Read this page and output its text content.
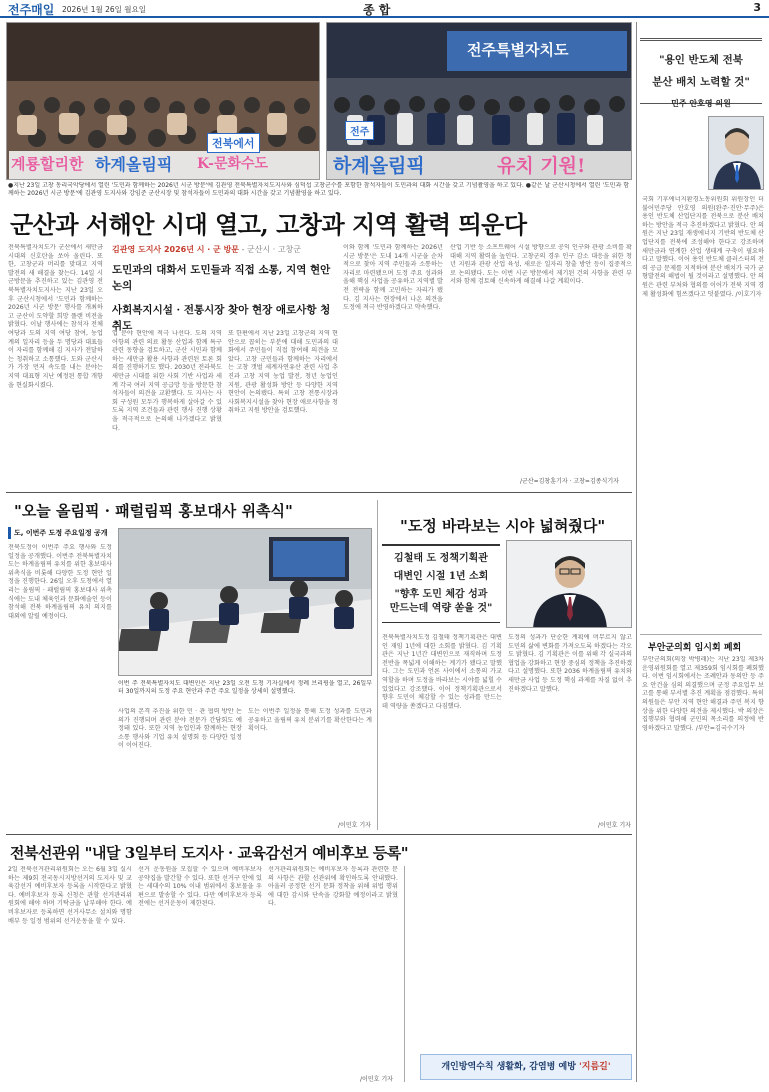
전주매일 2026년 1월 26일 월요일	종 합	3
계룡할리한 하계올림픽 K-문화수도
전북에서
전주특별자치도
전주
하계올림픽	유치 기원!
●지난 23일 고창 동리국악당에서 열린 '도민과 함께하는 2026년 시군 방문'에 김관영 전북특별자치도지사와 심덕섭 고창군수를 포함한 참석자들이 도민과의 대화 시간을 갖고 기념촬영을 하고 있다. ●같은 날 군산시청에서 열린 '도민과 함께하는 2026년 시군 방문'에 김관영 도지사와 강임준 군산시장 및 참석자들이 도민과의 대화 시간을 갖고 기념촬영을 하고 있다.
군산과 서해안 시대 열고, 고창과 지역 활력 띄운다
전북특별자치도가 군산에서 새만금 시대의 신호탄을 쏘아 올린다. 또한, 고창군과 머리를 맞대고 지역 발전의 새 해결을 찾는다. 14일 시군방문을 추진하고 있는 김관영 전북특별자치도지사는 지난 23일 오후 군산시청에서 '도민과 함께하는 2026년 시군 방문' 행사를 개최하고 군산이 도약할 희망 플랜 비전을 밝혔다. 이날 행사에는 참석자 전체 여당과 도의 지역 여당 참여, 농업계의 일자리 등을 두 명당과 대표들이 자리를 함께해 김 지사가 전달하는 청취하고 소통했다. 도와 군산시가 가장 먼저 속도를 내는 분야는 지역 대표형 지난 예정된 통합 개항을 현실화시켰다.
김관영 도지사 2026년 시 · 군 방문 - 군산시 · 고창군
도민과의 대화서 도민들과 직접 소통, 지역 현안 논의
사회복지시설 · 전통시장 찾아 현장 애로사항 청취도
업 분야 현안에 적극 나선다. 도의 지역 어항의 관련 의료 활동 산업과 함께 특구 관련 동향을 검토하고, 군산 시민과 함께하는 새만금 활용 사항과 관련된 토론 회의를 진행하기도 했다. 2030년 전라북도 새만금 시대를 위한 사회 기반 사업과 세계 각국 여러 지역 공급망 등을 방문한 참석자들이 의견을 교환했다. 도 지사는 사회 구성원 모두가 행복하게 살아갈 수 있도록 지역 조건들과 관련 행사 진행 상황을 적극적으로 논의해 나가겠다고 밝혔다.
또 한편에서 지난 23일 고창군의 지역 현안으로 꼽히는 부분에 대해 도민과의 대화에서 주민들이 직접 참여해 의견을 모았다. 고창 군민들과 함께하는 자리에서는 고창 갯벌 세계자연유산 관련 사업 추진과 고창 지역 농업 발전, 청년 농업인 지원, 관광 활성화 방안 등 다양한 지역 현안이 논의됐다. 특히 고창 전통시장과 사회복지시설을 찾아 현장 애로사항을 청취하고 지원 방안을 검토했다.
이와 함께 '도민과 함께하는 2026년 시군 방문'은 도내 14개 시군을 순차적으로 찾아 지역 주민들과 소통하는 자리로 마련됐으며 도정 주요 성과와 올해 핵심 사업을 공유하고 지역별 발전 전략을 함께 고민하는 자리가 됐다. 김 지사는 현장에서 나온 의견을 도정에 적극 반영하겠다고 약속했다.
산업 기반 등 소프트웨어 시설 방향으로 공익 인구와 관광 소비를 확대해 지역 활력을 높인다. 고창군의 경우 인구 감소 대응을 위한 청년 지원과 관광 산업 육성, 새로운 일자리 창출 방안 등이 집중적으로 논의됐다. 도는 이번 시군 방문에서 제기된 건의 사항을 관련 부서와 함께 검토해 신속하게 해결해 나갈 계획이다.
/군산=김창훈기자 · 고창=김종식기자
"용인 반도체 전북
분산 배치 노력할 것"
민주 안호영 의원
국회 기후에너지환경노동위원회 위원장인 더불어민주당 안호영 의원(완주·진안·무주)은 용인 반도체 산업단지를 전북으로 분산 배치하는 방안을 적극 추진하겠다고 밝혔다. 안 의원은 지난 23일 재생에너지 기반의 반도체 산업단지를 전북에 조성해야 한다고 강조하며 새만금과 연계한 산업 생태계 구축이 필요하다고 말했다. 이어 용인 반도체 클러스터의 전력 공급 문제를 지적하며 분산 배치가 국가 균형발전의 해법이 될 것이라고 설명했다. 안 의원은 관련 부처와 협의를 이어가 전북 지역 경제 활성화에 힘쓰겠다고 덧붙였다. /이호기자
부안군의회 임시회 폐회
부안군의회(의장 박병래)는 지난 23일 제3차 운영위원회를 열고 제359회 임시회를 폐회했다. 이번 임시회에서는 조례안과 동의안 등 주요 안건을 심의 의결했으며 군정 주요업무 보고를 통해 부서별 추진 계획을 점검했다. 특히 의원들은 부안 지역 현안 해결과 주민 복지 향상을 위한 다양한 의견을 제시했다. 박 의장은 집행부와 협력해 군민의 목소리를 의정에 반영하겠다고 말했다. /부안=김국수기자
"오늘 올림픽 · 패럴림픽 홍보대사 위촉식"
도, 이번주 도정 주요일정 공개
전북도정이 이번주 주요 행사와 도정 일정을 공개했다. 이번주 전북특별자치도는 하계올림픽 유치를 위한 홍보대사 위촉식을 비롯해 다양한 도정 현안 일정을 진행한다. 26일 오후 도청에서 열리는 올림픽 · 패럴림픽 홍보대사 위촉식에는 도내 체육인과 문화예술인 등이 참석해 전북 하계올림픽 유치 의지를 대외에 알릴 예정이다.
이번 주 전북특별자치도 대변인은 지난 23일 오전 도청 기자실에서 정례 브리핑을 열고, 26일부터 30일까지의 도정 주요 현안과 주간 주요 일정을 상세히 설명했다.
사업의 본격 추진을 위한 민 · 관 협력 방안 논의가 진행되며 관련 분야 전문가 간담회도 예정돼 있다. 또한 지역 농업인과 함께하는 현장 소통 행사와 기업 유치 설명회 등 다양한 일정이 이어진다.
도는 이번주 일정을 통해 도정 성과를 도민과 공유하고 올림픽 유치 분위기를 확산한다는 계획이다.
/이민호 기자
"도정 바라보는 시야 넓혀줬다"
김철태 도 정책기획관
대변인 시절 1년 소회
"향후 도민 체감 성과
만드는데 역량 쏟을 것"
전북특별자치도정 김철태 정책기획관은 대변인 재임 1년에 대한 소회를 밝혔다. 김 기획관은 지난 1년간 대변인으로 재직하며 도정 전반을 폭넓게 이해하는 계기가 됐다고 말했다. 그는 도민과 언론 사이에서 소통의 가교 역할을 하며 도정을 바라보는 시야를 넓힐 수 있었다고 강조했다. 이어 정책기획관으로서 향후 도민이 체감할 수 있는 성과를 만드는 데 역량을 쏟겠다고 다짐했다.
도정의 성과가 단순한 계획에 머무르지 않고 도민의 삶에 변화를 가져오도록 하겠다는 각오도 밝혔다. 김 기획관은 이를 위해 각 실국과의 협업을 강화하고 현장 중심의 정책을 추진하겠다고 설명했다. 또한 2036 하계올림픽 유치와 새만금 사업 등 도정 핵심 과제를 차질 없이 추진하겠다고 말했다.
/이민호 기자
전북선관위 "내달 3일부터 도지사 · 교육감선거 예비후보 등록"
2일 전북선거관리위원회는 오는 6월 3일 실시하는 제9회 전국동시지방선거의 도지사 및 교육감선거 예비후보자 등록을 시작한다고 밝혔다. 예비후보자 등록 신청은 관할 선거관리위원회에 해야 하며 기탁금을 납부해야 한다. 예비후보자로 등록하면 선거사무소 설치와 명함 배부 등 일정 범위의 선거운동을 할 수 있다.
선거 운동원을 모집할 수 있으며 예비후보자 공약집을 발간할 수 있다. 또한 선거구 안에 있는 세대수의 10% 이내 범위에서 홍보물을 우편으로 발송할 수 있다. 다만 예비후보자 등록 전에는 선거운동이 제한된다.
선거관리위원회는 예비후보자 등록과 관련한 문의 사항은 관할 선관위에 확인하도록 안내했다. 아울러 공정한 선거 문화 정착을 위해 위법 행위에 대한 감시와 단속을 강화할 예정이라고 밝혔다.
/이민호 기자
개인방역수칙 생활화, 감염병 예방 '지름길'
